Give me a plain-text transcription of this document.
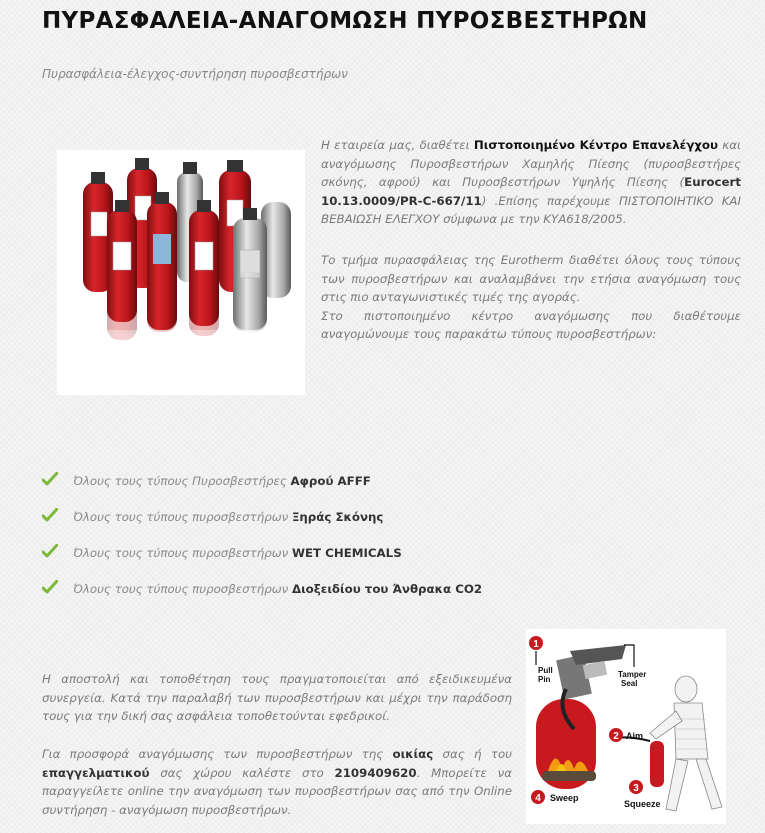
ΠΥΡΑΣΦΑΛΕΙΑ-ΑΝΑΓΟΜΩΣΗ ΠΥΡΟΣΒΕΣΤΗΡΩΝ

Πυρασφάλεια-έλεγχος-συντήρηση πυροσβεστήρων

Η εταιρεία μας, διαθέτει Πιστοποιημένο Κέντρο Επανελέγχου και αναγόμωσης Πυροσβεστήρων Χαμηλής Πίεσης (πυροσβεστήρες σκόνης, αφρού) και Πυροσβεστήρων Υψηλής Πίεσης (Eurocert 10.13.0009/PR-C-667/11) .Επίσης παρέχουμε ΠΙΣΤΟΠΟΙΗΤΙΚΟ ΚΑΙ ΒΕΒΑΙΩΣΗ ΕΛΕΓΧΟΥ σύμφωνα με την ΚΥΑ618/2005.

Το τμήμα πυρασφάλειας της Eurotherm διαθέτει όλους τους τύπους των πυροσβεστήρων και αναλαμβάνει την ετήσια αναγόμωση τους στις πιο ανταγωνιστικές τιμές της αγοράς.
Στο πιστοποιημένο κέντρο αναγόμωσης που διαθέτουμε αναγομώνουμε τους παρακάτω τύπους πυροσβεστήρων:

Όλους τους τύπους Πυροσβεστήρες Αφρού AFFF
Όλους τους τύπους πυροσβεστήρων Ξηράς Σκόνης
Όλους τους τύπους πυροσβεστήρων WET CHEMICALS
Όλους τους τύπους πυροσβεστήρων Διοξειδίου του Άνθρακα CO2

Η αποστολή και τοποθέτηση τους πραγματοποιείται από εξειδικευμένα συνεργεία. Κατά την παραλαβή των πυροσβεστήρων και μέχρι την παράδοση τους για την δική σας ασφάλεια τοποθετούνται εφεδρικοί.

Για προσφορά αναγόμωσης των πυροσβεστήρων της οικίας σας ή του επαγγελματικού σας χώρου καλέστε στο 2109409620. Μπορείτε να παραγγείλετε online την αναγόμωση των πυροσβεστήρων σας από την Online συντήρηση - αναγόμωση πυροσβεστήρων.

1
Pull
Pin
Tamper
Seal
2 Aim
4 Sweep
3
Squeeze
